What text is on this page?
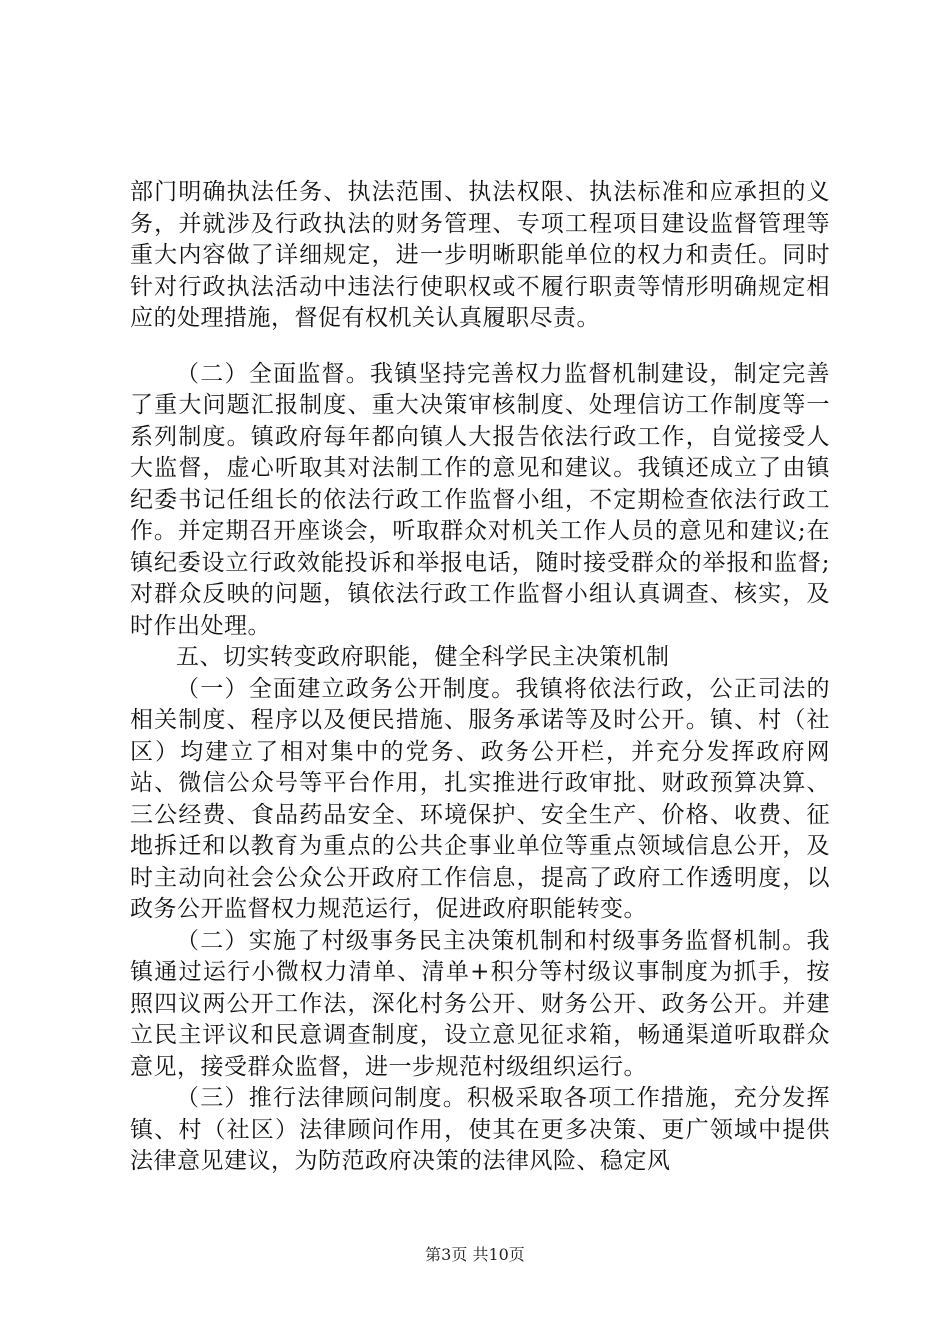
部门明确执法任务、执法范围、执法权限、执法标准和应承担的义务，并就涉及行政执法的财务管理、专项工程项目建设监督管理等重大内容做了详细规定，进一步明晰职能单位的权力和责任。同时针对行政执法活动中违法行使职权或不履行职责等情形明确规定相应的处理措施，督促有权机关认真履职尽责。

（二）全面监督。我镇坚持完善权力监督机制建设，制定完善了重大问题汇报制度、重大决策审核制度、处理信访工作制度等一系列制度。镇政府每年都向镇人大报告依法行政工作，自觉接受人大监督，虚心听取其对法制工作的意见和建议。我镇还成立了由镇纪委书记任组长的依法行政工作监督小组，不定期检查依法行政工作。并定期召开座谈会，听取群众对机关工作人员的意见和建议;在镇纪委设立行政效能投诉和举报电话，随时接受群众的举报和监督;对群众反映的问题，镇依法行政工作监督小组认真调查、核实，及时作出处理。

五、切实转变政府职能，健全科学民主决策机制

（一）全面建立政务公开制度。我镇将依法行政，公正司法的相关制度、程序以及便民措施、服务承诺等及时公开。镇、村（社区）均建立了相对集中的党务、政务公开栏，并充分发挥政府网站、微信公众号等平台作用，扎实推进行政审批、财政预算决算、三公经费、食品药品安全、环境保护、安全生产、价格、收费、征地拆迁和以教育为重点的公共企事业单位等重点领域信息公开，及时主动向社会公众公开政府工作信息，提高了政府工作透明度，以政务公开监督权力规范运行，促进政府职能转变。

（二）实施了村级事务民主决策机制和村级事务监督机制。我镇通过运行小微权力清单、清单+积分等村级议事制度为抓手，按照四议两公开工作法，深化村务公开、财务公开、政务公开。并建立民主评议和民意调查制度，设立意见征求箱，畅通渠道听取群众意见，接受群众监督，进一步规范村级组织运行。

（三）推行法律顾问制度。积极采取各项工作措施，充分发挥镇、村（社区）法律顾问作用，使其在更多决策、更广领域中提供法律意见建议，为防范政府决策的法律风险、稳定风

第3页 共10页
